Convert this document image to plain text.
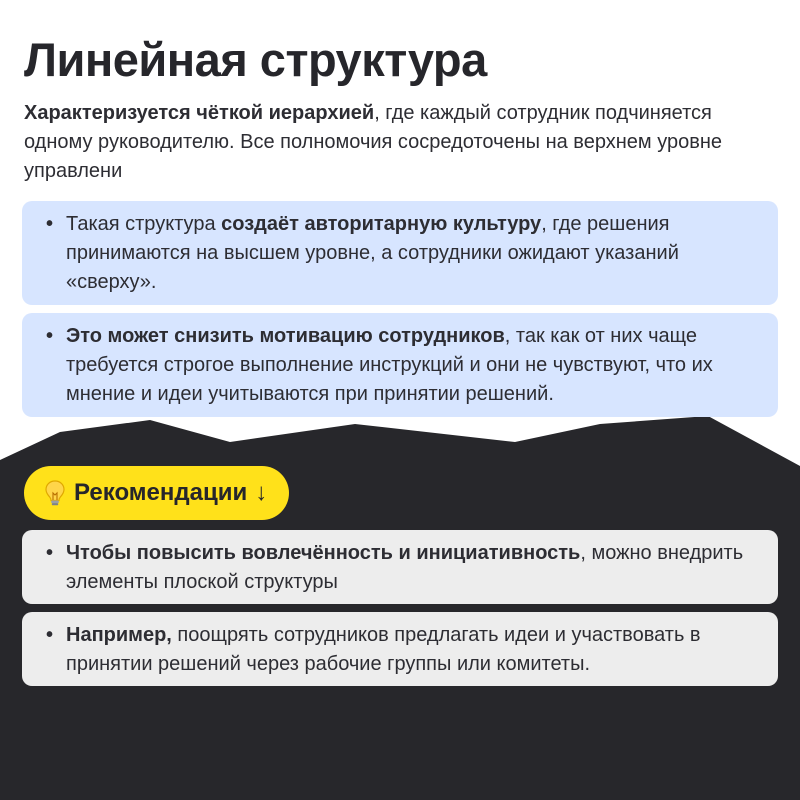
Линейная структура

Характеризуется чёткой иерархией, где каждый сотрудник подчиняется одному руководителю. Все полномочия сосредоточены на верхнем уровне управлени

• Такая структура создаёт авторитарную культуру, где решения принимаются на высшем уровне, а сотрудники ожидают указаний «сверху».
• Это может снизить мотивацию сотрудников, так как от них чаще требуется строгое выполнение инструкций и они не чувствуют, что их мнение и идеи учитываются при принятии решений.
Рекомендации ↓
• Чтобы повысить вовлечённость и инициативность, можно внедрить элементы плоской структуры
• Например, поощрять сотрудников предлагать идеи и участвовать в принятии решений через рабочие группы или комитеты.
